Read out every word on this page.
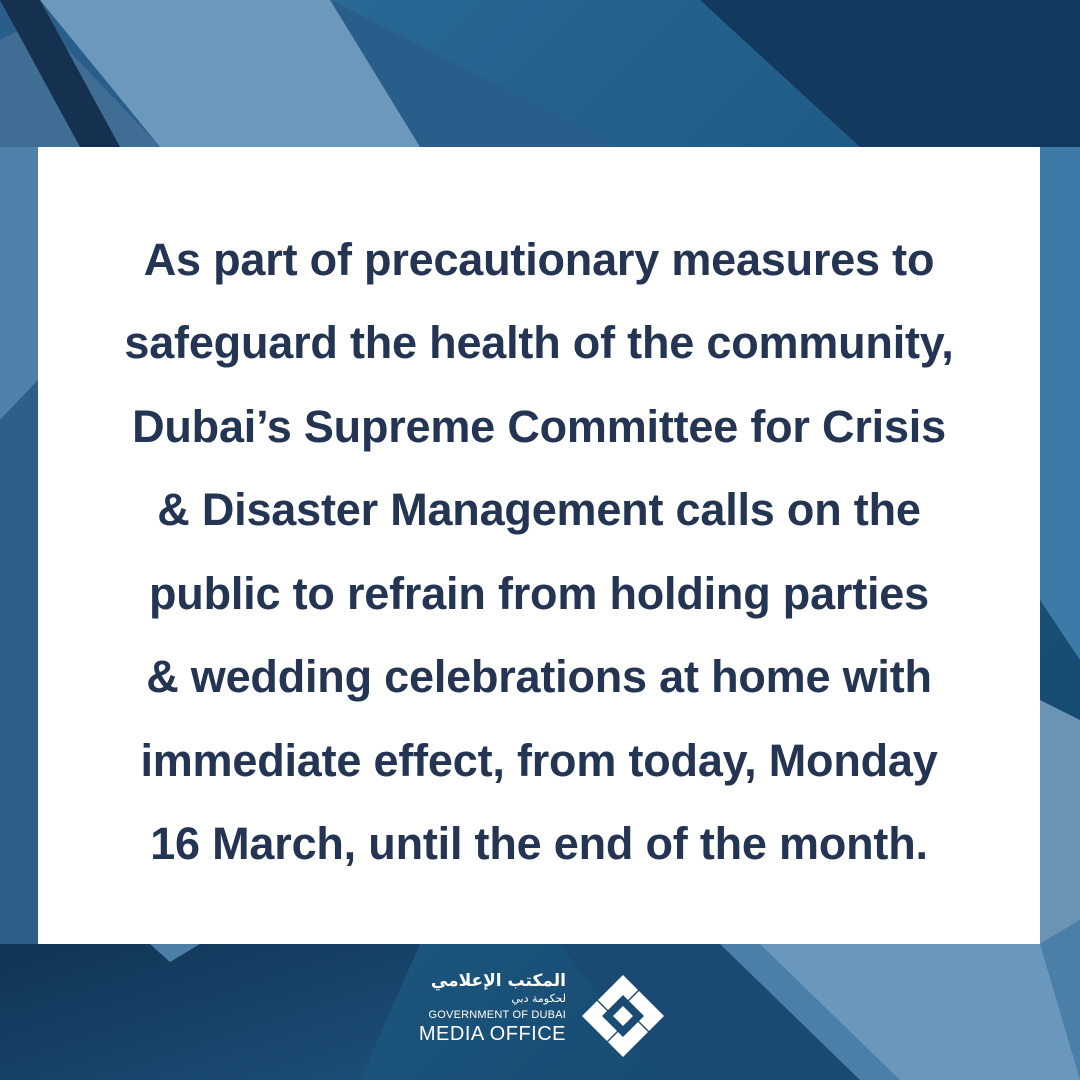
As part of precautionary measures to
safeguard the health of the community,
Dubai’s Supreme Committee for Crisis
& Disaster Management calls on the
public to refrain from holding parties
& wedding celebrations at home with
immediate effect, from today, Monday
16 March, until the end of the month.

المكتب الإعلامي
لحكومة دبي
GOVERNMENT OF DUBAI
MEDIA OFFICE
